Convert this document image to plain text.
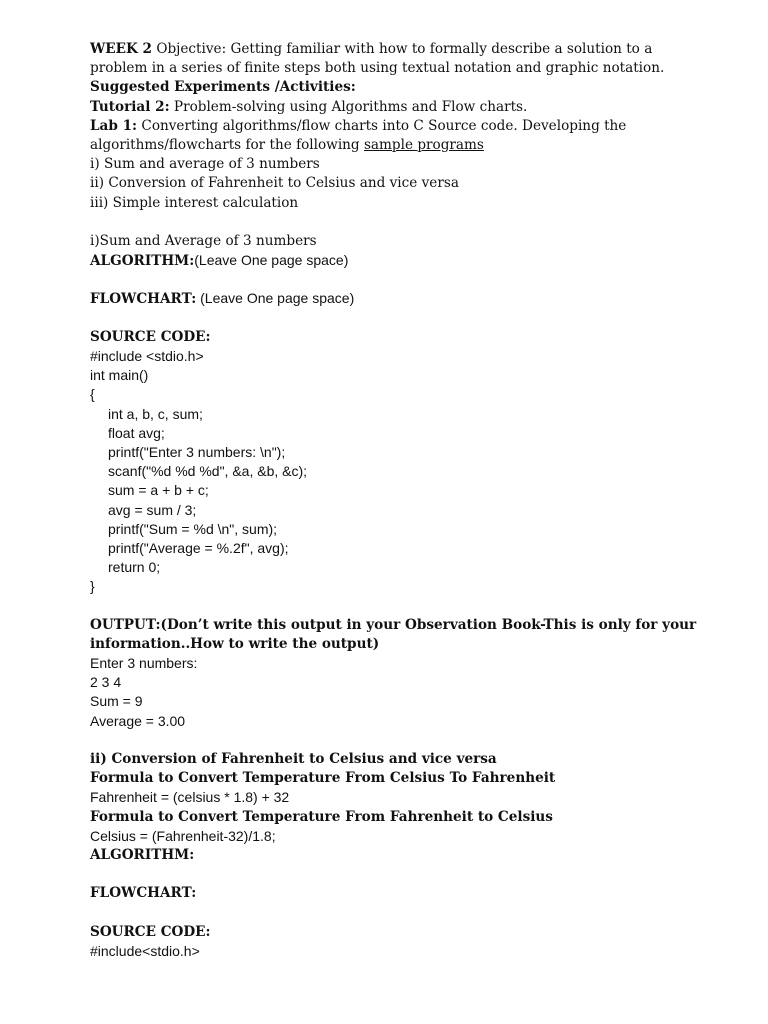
WEEK 2 Objective: Getting familiar with how to formally describe a solution to a
problem in a series of finite steps both using textual notation and graphic notation.
Suggested Experiments /Activities:
Tutorial 2: Problem-solving using Algorithms and Flow charts.
Lab 1: Converting algorithms/flow charts into C Source code. Developing the
algorithms/flowcharts for the following sample programs
i) Sum and average of 3 numbers
ii) Conversion of Fahrenheit to Celsius and vice versa
iii) Simple interest calculation
i)Sum and Average of 3 numbers
ALGORITHM:(Leave One page space)
FLOWCHART: (Leave One page space)
SOURCE CODE:
#include <stdio.h>
int main()
{
int a, b, c, sum;
float avg;
printf("Enter 3 numbers: \n");
scanf("%d %d %d", &a, &b, &c);
sum = a + b + c;
avg = sum / 3;
printf("Sum = %d \n", sum);
printf("Average = %.2f", avg);
return 0;
}
OUTPUT:(Don’t write this output in your Observation Book-This is only for your
information..How to write the output)
Enter 3 numbers:
2 3 4
Sum = 9
Average = 3.00
ii) Conversion of Fahrenheit to Celsius and vice versa
Formula to Convert Temperature From Celsius To Fahrenheit
Fahrenheit = (celsius * 1.8) + 32
Formula to Convert Temperature From Fahrenheit to Celsius
Celsius = (Fahrenheit-32)/1.8;
ALGORITHM:
FLOWCHART:
SOURCE CODE:
#include<stdio.h>
